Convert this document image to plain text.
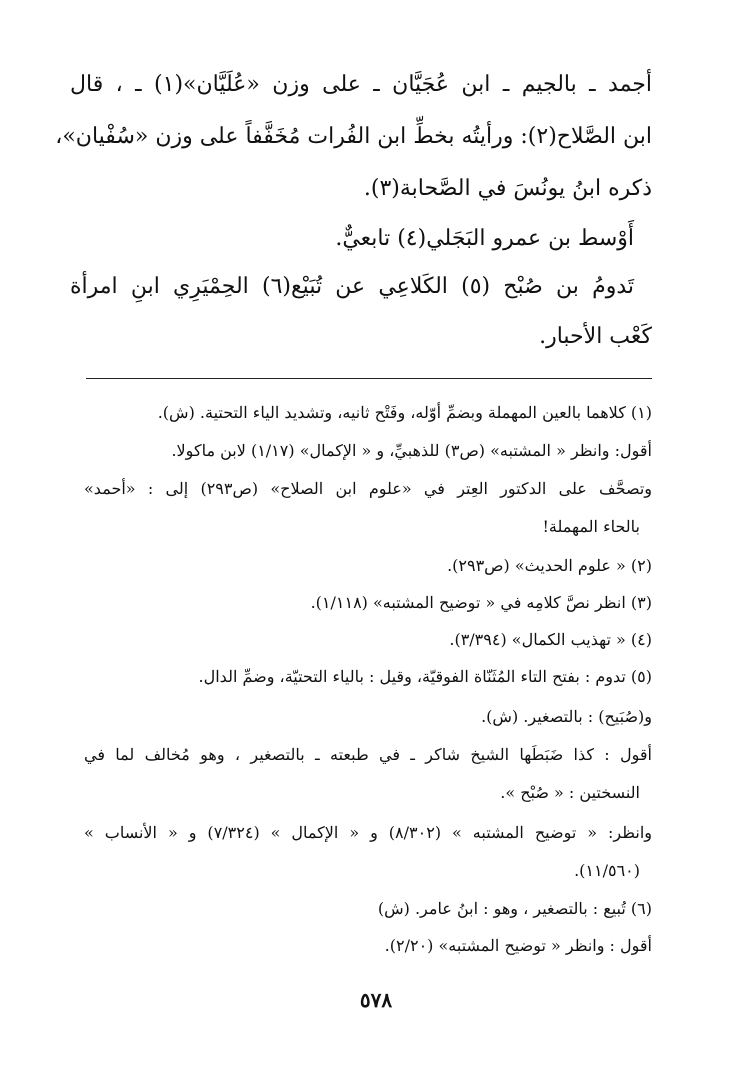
أجمد ـ بالجيم ـ ابن عُجَيَّان ـ على وزن «عُلَيَّان»(١) ـ ، قال
ابن الصَّلاح(٢): ورأيتُه بخطِّ ابن الفُرات مُخَفَّفاً على وزن «سُفْيان»،
ذكره ابنُ يونُسَ في الصَّحابة(٣).
أَوْسط بن عمرو البَجَلي(٤) تابعيٌّ.
تَدومُ بن صُبْح (٥) الكَلاعِي عن تُبَيْع(٦) الحِمْيَرِي ابنِ امرأة
كَعْب الأحبار.
(١) كلاهما بالعين المهملة وبضمِّ أوّله، وفَتْح ثانيه، وتشديد الياء التحتية. (ش).
أقول: وانظر « المشتبه» (ص٣) للذهبيِّ، و « الإكمال» (١/١٧) لابن ماكولا.
وتصحَّف على الدكتور العِتر في «علوم ابن الصلاح» (ص٢٩٣) إلى : «أحمد»
بالحاء المهملة!
(٢) « علوم الحديث» (ص٢٩٣).
(٣) انظر نصَّ كلامِه في « توضيح المشتبه» (١/١١٨).
(٤) « تهذيب الكمال» (٣/٣٩٤).
(٥) تدوم : بفتح التاء المُثَنّاة الفوقيّة، وقيل : بالياء التحتيّة، وضمِّ الدال.
و(صُبَيح) : بالتصغير. (ش).
أقول : كذا ضَبَطَها الشيخ شاكر ـ في طبعته ـ بالتصغير ، وهو مُخالف لما في
النسختين : « صُبْح ».
وانظر: « توضيح المشتبه » (٨/٣٠٢) و « الإكمال » (٧/٣٢٤) و « الأنساب »
(١١/٥٦٠).
(٦) تُبيع : بالتصغير ، وهو : ابنُ عامر. (ش)
أقول : وانظر « توضيح المشتبه» (٢/٢٠).
٥٧٨
